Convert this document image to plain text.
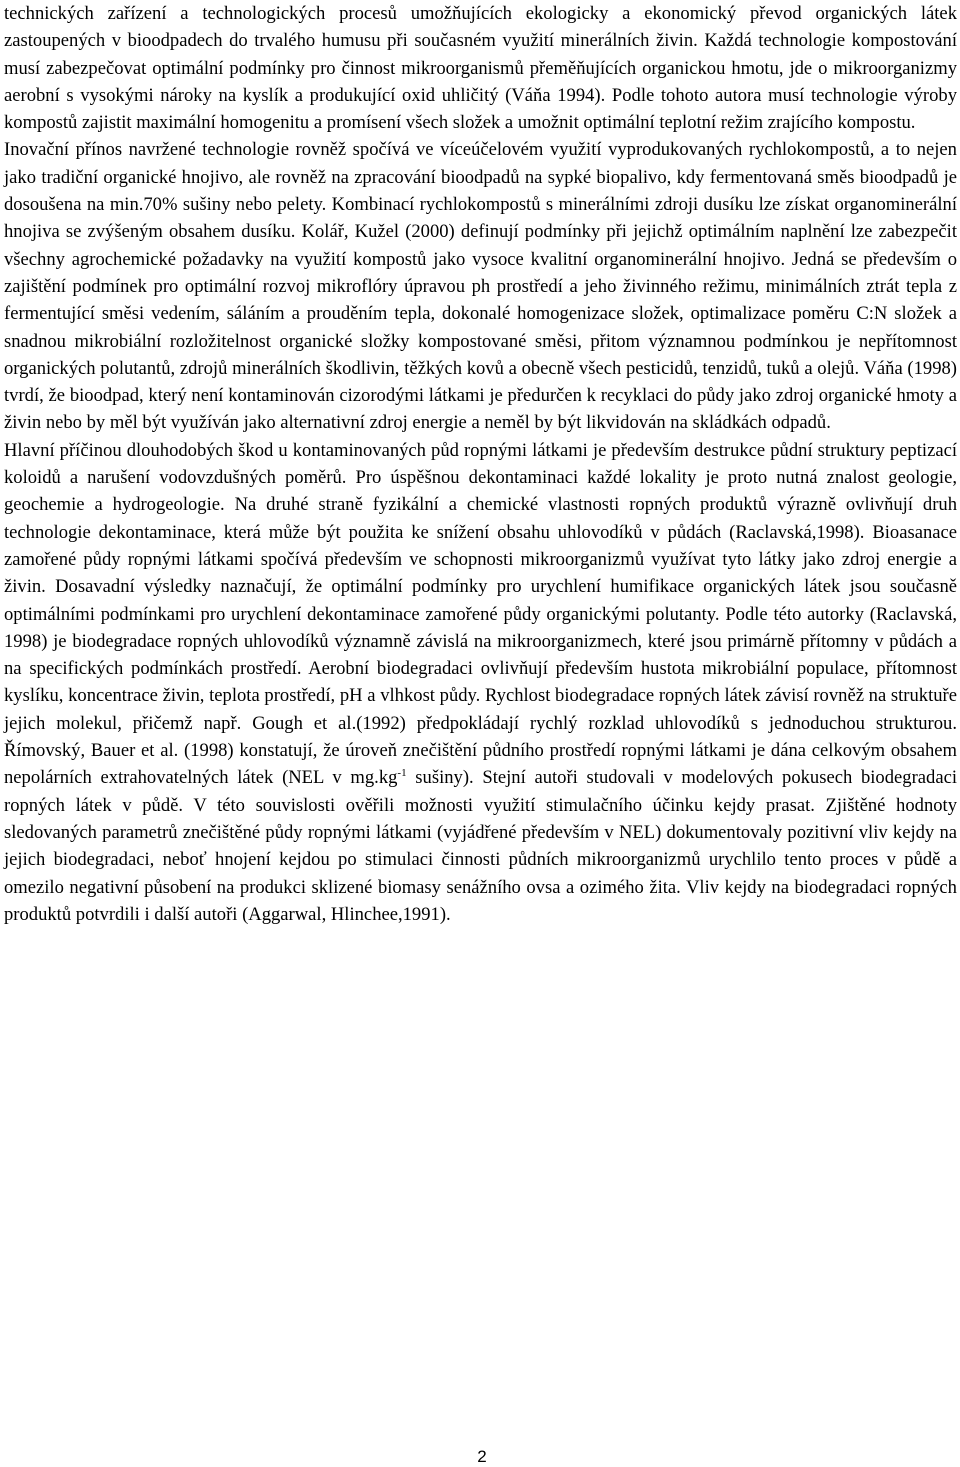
technických zařízení a technologických procesů umožňujících ekologicky a ekonomický převod organických látek zastoupených v bioodpadech do trvalého humusu při současném využití minerálních živin. Každá technologie kompostování musí zabezpečovat optimální podmínky pro činnost mikroorganismů přeměňujících organickou hmotu, jde o mikroorganizmy aerobní s vysokými nároky na kyslík a produkující oxid uhličitý (Váňa 1994). Podle tohoto autora musí technologie výroby kompostů zajistit maximální homogenitu a promísení všech složek a umožnit optimální teplotní režim zrajícího kompostu.

Inovační přínos navržené technologie rovněž spočívá ve víceúčelovém využití vyprodukovaných rychlokompostů, a to nejen jako tradiční organické hnojivo, ale rovněž na zpracování bioodpadů na sypké biopalivo, kdy fermentovaná směs bioodpadů je dosoušena na min.70% sušiny nebo pelety. Kombinací rychlokompostů s minerálními zdroji dusíku lze získat organominerální hnojiva se zvýšeným obsahem dusíku. Kolář, Kužel (2000) definují podmínky při jejichž optimálním naplnění lze zabezpečit všechny agrochemické požadavky na využití kompostů jako vysoce kvalitní organominerální hnojivo. Jedná se především o zajištění podmínek pro optimální rozvoj mikroflóry úpravou ph prostředí a jeho živinného režimu, minimálních ztrát tepla z fermentující směsi vedením, sáláním a prouděním tepla, dokonalé homogenizace složek, optimalizace poměru C:N složek a snadnou mikrobiální rozložitelnost organické složky kompostované směsi, přitom významnou podmínkou je nepřítomnost organických polutantů, zdrojů minerálních škodlivin, těžkých kovů a obecně všech pesticidů, tenzidů, tuků a olejů. Váňa (1998) tvrdí, že bioodpad, který není kontaminován cizorodými látkami je předurčen k recyklaci do půdy jako zdroj organické hmoty a živin nebo by měl být využíván jako alternativní zdroj energie a neměl by být likvidován na skládkách odpadů.

Hlavní příčinou dlouhodobých škod u kontaminovaných půd ropnými látkami je především destrukce půdní struktury peptizací koloidů a narušení vodovzdušných poměrů. Pro úspěšnou dekontaminaci každé lokality je proto nutná znalost geologie, geochemie a hydrogeologie. Na druhé straně fyzikální a chemické vlastnosti ropných produktů výrazně ovlivňují druh technologie dekontaminace, která může být použita ke snížení obsahu uhlovodíků v půdách (Raclavská,1998). Bioasanace zamořené půdy ropnými látkami spočívá především ve schopnosti mikroorganizmů využívat tyto látky jako zdroj energie a živin. Dosavadní výsledky naznačují, že optimální podmínky pro urychlení humifikace organických látek jsou současně optimálními podmínkami pro urychlení dekontaminace zamořené půdy organickými polutanty. Podle této autorky (Raclavská, 1998) je biodegradace ropných uhlovodíků významně závislá na mikroorganizmech, které jsou primárně přítomny v půdách a na specifických podmínkách prostředí. Aerobní biodegradaci ovlivňují především hustota mikrobiální populace, přítomnost kyslíku, koncentrace živin, teplota prostředí, pH a vlhkost půdy. Rychlost biodegradace ropných látek závisí rovněž na struktuře jejich molekul, přičemž např. Gough et al.(1992) předpokládají rychlý rozklad uhlovodíků s jednoduchou strukturou. Římovský, Bauer et al. (1998) konstatují, že úroveň znečištění půdního prostředí ropnými látkami je dána celkovým obsahem nepolárních extrahovatelných látek (NEL v $mg.kg^{-1}$ sušiny). Stejní autoři studovali v modelových pokusech biodegradaci ropných látek v půdě. V této souvislosti ověřili možnosti využití stimulačního účinku kejdy prasat. Zjištěné hodnoty sledovaných parametrů znečištěné půdy ropnými látkami (vyjádřené především v NEL) dokumentovaly pozitivní vliv kejdy na jejich biodegradaci, neboť hnojení kejdou po stimulaci činnosti půdních mikroorganizmů urychlilo tento proces v půdě a omezilo negativní působení na produkci sklizené biomasy senážního ovsa a ozimého žita. Vliv kejdy na biodegradaci ropných produktů potvrdili i další autoři (Aggarwal, Hlinchee,1991).

2
